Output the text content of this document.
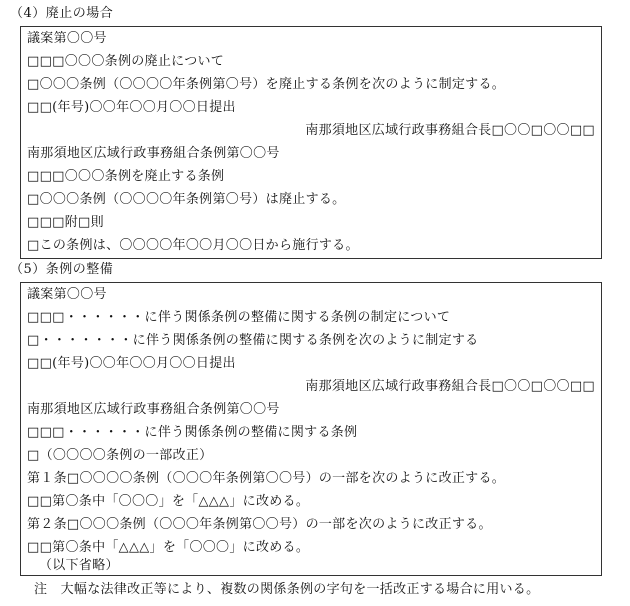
（4）廃止の場合
議案第〇〇号
□□□〇〇〇条例の廃止について
□〇〇〇条例（〇〇〇〇年条例第〇号）を廃止する条例を次のように制定する。
□□(年号)〇〇年〇〇月〇〇日提出
南那須地区広域行政事務組合長□〇〇□〇〇□□
南那須地区広域行政事務組合条例第〇〇号
□□□〇〇〇条例を廃止する条例
□〇〇〇条例（〇〇〇〇年条例第〇号）は廃止する。
□□□附□則
□この条例は、〇〇〇〇年〇〇月〇〇日から施行する。
（5）条例の整備
議案第〇〇号
□□□・・・・・・に伴う関係条例の整備に関する条例の制定について
□・・・・・・・に伴う関係条例の整備に関する条例を次のように制定する
□□(年号)〇〇年〇〇月〇〇日提出
南那須地区広域行政事務組合長□〇〇□〇〇□□
南那須地区広域行政事務組合条例第〇〇号
□□□・・・・・・に伴う関係条例の整備に関する条例
□（〇〇〇〇条例の一部改正）
第１条□〇〇〇〇条例（〇〇〇年条例第〇〇号）の一部を次のように改正する。
□□第〇条中「〇〇〇」を「△△△」に改める。
第２条□〇〇〇条例（〇〇〇年条例第〇〇号）の一部を次のように改正する。
□□第〇条中「△△△」を「〇〇〇」に改める。
（以下省略）
注　大幅な法律改正等により、複数の関係条例の字句を一括改正する場合に用いる。
